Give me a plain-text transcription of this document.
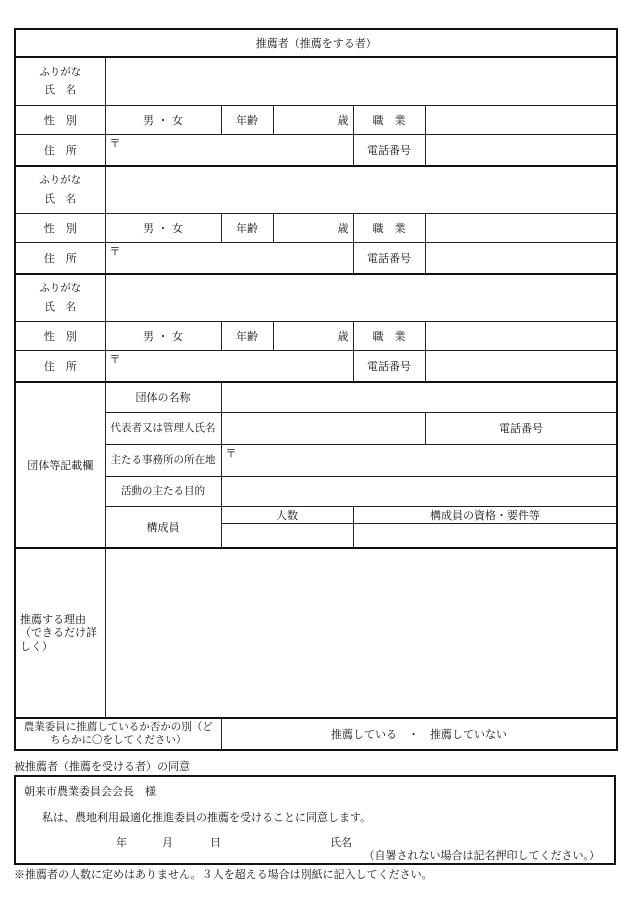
推薦者（推薦をする者）						

ふりがな
氏　名						

性　別	男 ・ 女	年齢	歳	職　業		
住　所	〒			電話番号		

ふりがな
氏　名						

性　別	男 ・ 女	年齢	歳	職　業		
住　所	〒			電話番号		

ふりがな
氏　名						

性　別	男 ・ 女	年齢	歳	職　業		
住　所	〒			電話番号		
団体等記載欄	団体の名称					
	代表者又は管理人氏名				電話番号	
	主たる事務所の所在地	〒				
	活動の主たる目的					
	構成員	人数		構成員の資格・要件等		

推薦する理由（できるだけ詳しく）						
農業委員に推薦しているか否かの別（どちらかに〇をしてください）		推薦している　・　推薦していない				
被推薦者（推薦を受ける者）の同意
朝来市農業委員会会長　様
私は、農地利用最適化推進委員の推薦を受けることに同意します。
年	月	日	氏名
（自署されない場合は記名押印してください。）
※推薦者の人数に定めはありません。３人を超える場合は別紙に記入してください。
